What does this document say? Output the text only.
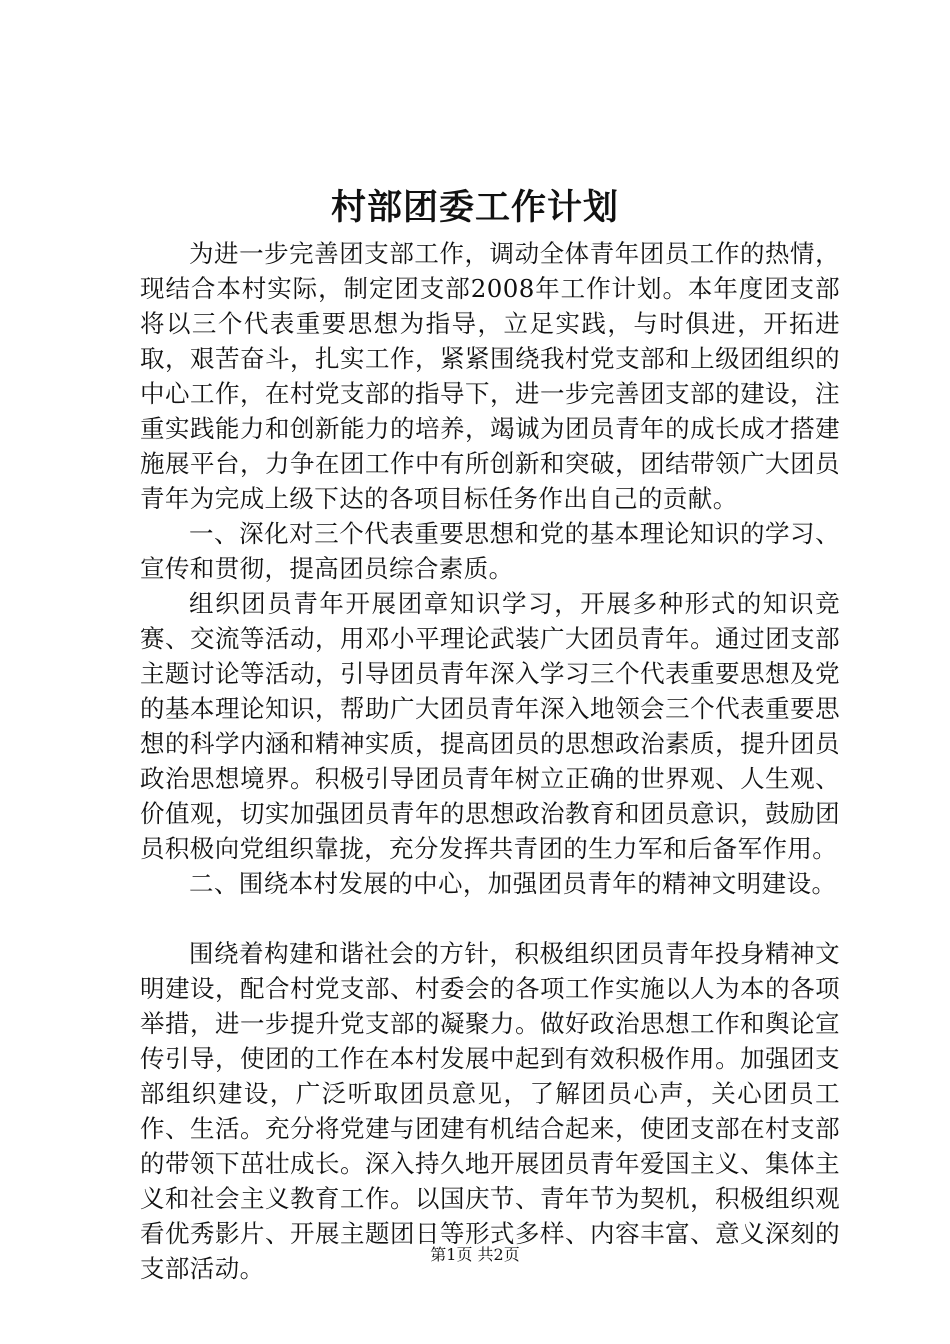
村部团委工作计划

为进一步完善团支部工作，调动全体青年团员工作的热情，现结合本村实际，制定团支部2008年工作计划。本年度团支部将以三个代表重要思想为指导，立足实践，与时俱进，开拓进取，艰苦奋斗，扎实工作，紧紧围绕我村党支部和上级团组织的中心工作，在村党支部的指导下，进一步完善团支部的建设，注重实践能力和创新能力的培养，竭诚为团员青年的成长成才搭建施展平台，力争在团工作中有所创新和突破，团结带领广大团员青年为完成上级下达的各项目标任务作出自己的贡献。

一、深化对三个代表重要思想和党的基本理论知识的学习、宣传和贯彻，提高团员综合素质。

组织团员青年开展团章知识学习，开展多种形式的知识竞赛、交流等活动，用邓小平理论武装广大团员青年。通过团支部主题讨论等活动，引导团员青年深入学习三个代表重要思想及党的基本理论知识，帮助广大团员青年深入地领会三个代表重要思想的科学内涵和精神实质，提高团员的思想政治素质，提升团员政治思想境界。积极引导团员青年树立正确的世界观、人生观、价值观，切实加强团员青年的思想政治教育和团员意识，鼓励团员积极向党组织靠拢，充分发挥共青团的生力军和后备军作用。

二、围绕本村发展的中心，加强团员青年的精神文明建设。

围绕着构建和谐社会的方针，积极组织团员青年投身精神文明建设，配合村党支部、村委会的各项工作实施以人为本的各项举措，进一步提升党支部的凝聚力。做好政治思想工作和舆论宣传引导，使团的工作在本村发展中起到有效积极作用。加强团支部组织建设，广泛听取团员意见，了解团员心声，关心团员工作、生活。充分将党建与团建有机结合起来，使团支部在村支部的带领下茁壮成长。深入持久地开展团员青年爱国主义、集体主义和社会主义教育工作。以国庆节、青年节为契机，积极组织观看优秀影片、开展主题团日等形式多样、内容丰富、意义深刻的支部活动。	第1页 共2页
